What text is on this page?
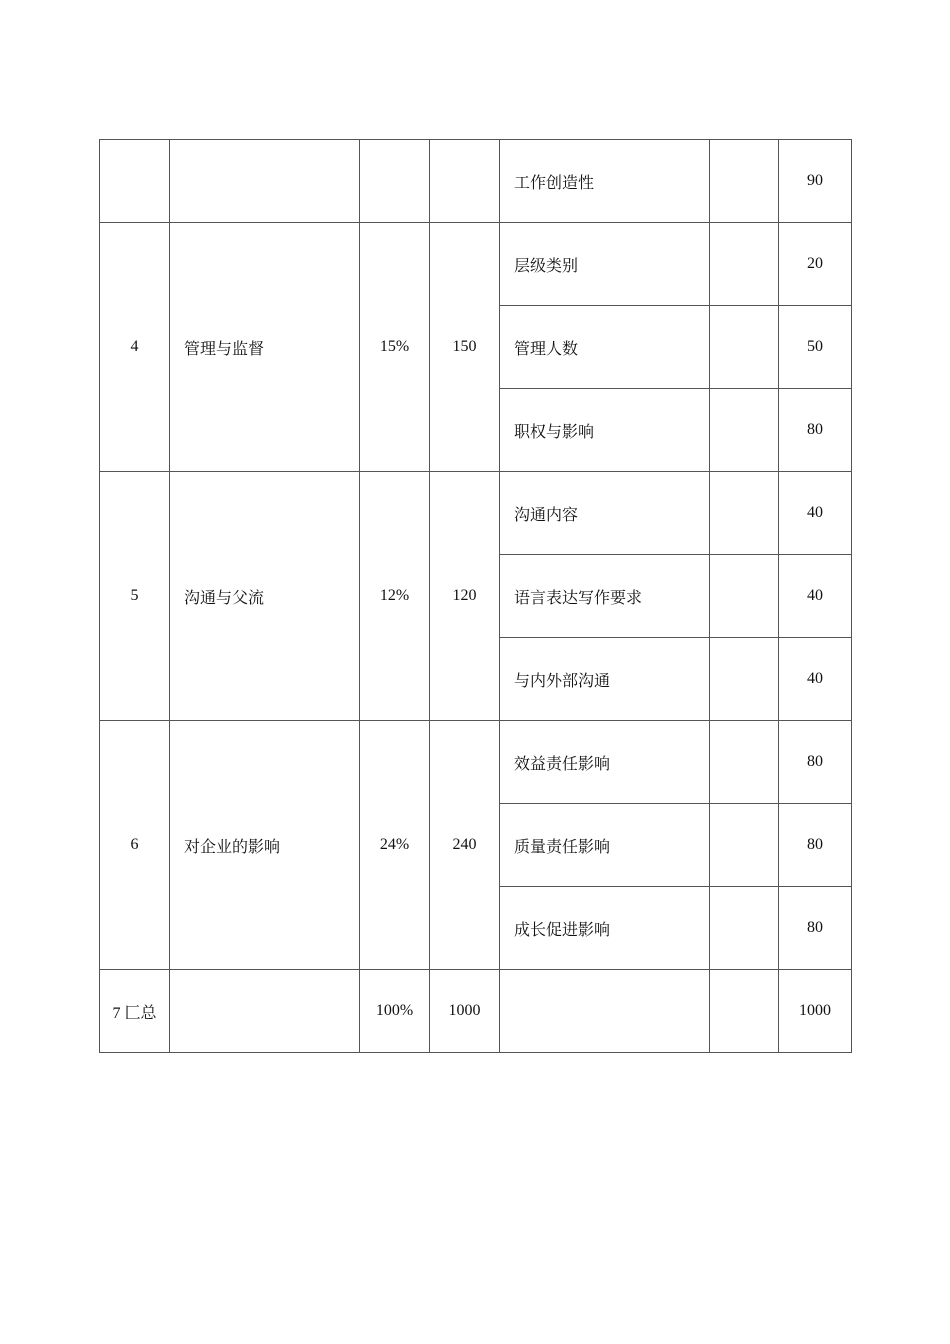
				工作创造性		90
4	管理与监督	15%	150	层级类别		20
				管理人数		50
				职权与影响		80
5	沟通与父流	12%	120	沟通内容		40
				语言表达写作要求		40
				与内外部沟通		40
6	对企业的影响	24%	240	效益责任影响		80
				质量责任影响		80
				成长促进影响		80
7 匚总		100%	1000			1000
